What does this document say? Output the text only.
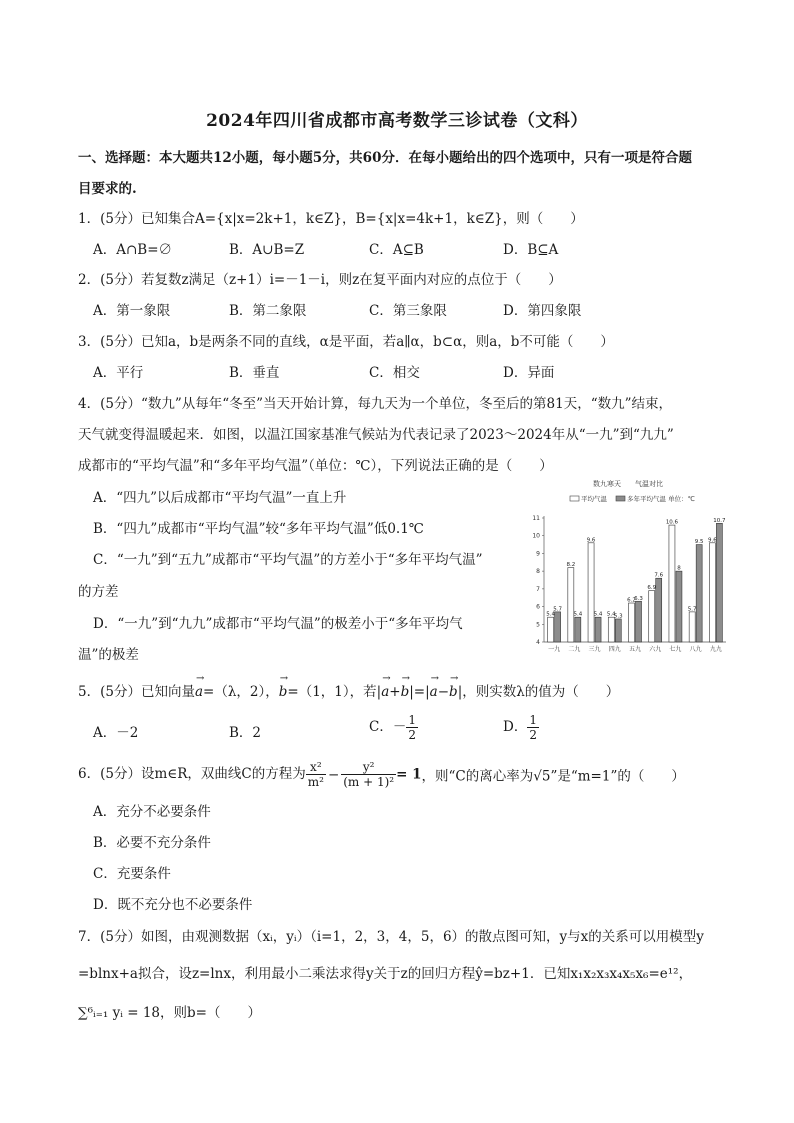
2024年四川省成都市高考数学三诊试卷（文科）
一、选择题：本大题共12小题，每小题5分，共60分．在每小题给出的四个选项中，只有一项是符合题
目要求的.
1．(5分）已知集合A={x|x=2k+1，k∈Z}，B={x|x=4k+1，k∈Z}，则（　　）
A．A∩B=∅	B．A∪B=Z	C．A⊆B	D．B⊆A
2．(5分）若复数z满足（z+1）i=－1－i，则z在复平面内对应的点位于（　　）
A．第一象限	B．第二象限	C．第三象限	D．第四象限
3．(5分）已知a，b是两条不同的直线，α是平面，若a∥α，b⊂α，则a，b不可能（　　）
A．平行	B．垂直	C．相交	D．异面
4．(5分）“数九”从每年“冬至”当天开始计算，每九天为一个单位，冬至后的第81天，“数九”结束，
天气就变得温暖起来．如图，以温江国家基准气候站为代表记录了2023～2024年从“一九”到“九九”
成都市的“平均气温”和“多年平均气温”（单位：℃），下列说法正确的是（　　）
A．“四九”以后成都市“平均气温”一直上升
B．“四九”成都市“平均气温”较“多年平均气温”低0.1℃
C．“一九”到“五九”成都市“平均气温”的方差小于“多年平均气温”
的方差
D．“一九”到“九九”成都市“平均气温”的极差小于“多年平均气
温”的极差
数九寒天　　气温对比
平均气温	多年平均气温 单位：℃
4
5
6
7
8
9
10
11
一九
5.4
5.7
二九
8.2
5.4
三九
9.6
5.4
四九
5.4
5.3
五九
6.2
6.3
六九
6.9
7.6
七九
10.6
8
八九
5.7
9.5
九九
9.6
10.7
5．(5分）已知向量
→
a=（λ，2），
→
b=（1，1），若|
→
a+
→
b|=|
→
a−
→
b|，则实数λ的值为（　　）
A．－2	B．2	C．－ $\frac{1}{2}$	D． $\frac{1}{2}$
6．(5分）设m∈R，双曲线C的方程为 $\frac{\text{x²}}{\text{m²}} - \frac{\text{y²}}{\text{(m + 1)²}} = 1$，则“C的离心率为√5”是“m=1”的（　　）
A．充分不必要条件
B．必要不充分条件
C．充要条件
D．既不充分也不必要条件
7．(5分）如图，由观测数据（xᵢ，yᵢ）（i=1，2，3，4，5，6）的散点图可知，y与x的关系可以用模型y
=blnx+a拟合，设z=lnx，利用最小二乘法求得y关于z的回归方程ŷ=bz+1．已知x₁x₂x₃x₄x₅x₆=e¹²，
∑⁶ᵢ₌₁ yᵢ = 18，则b=（　　）
